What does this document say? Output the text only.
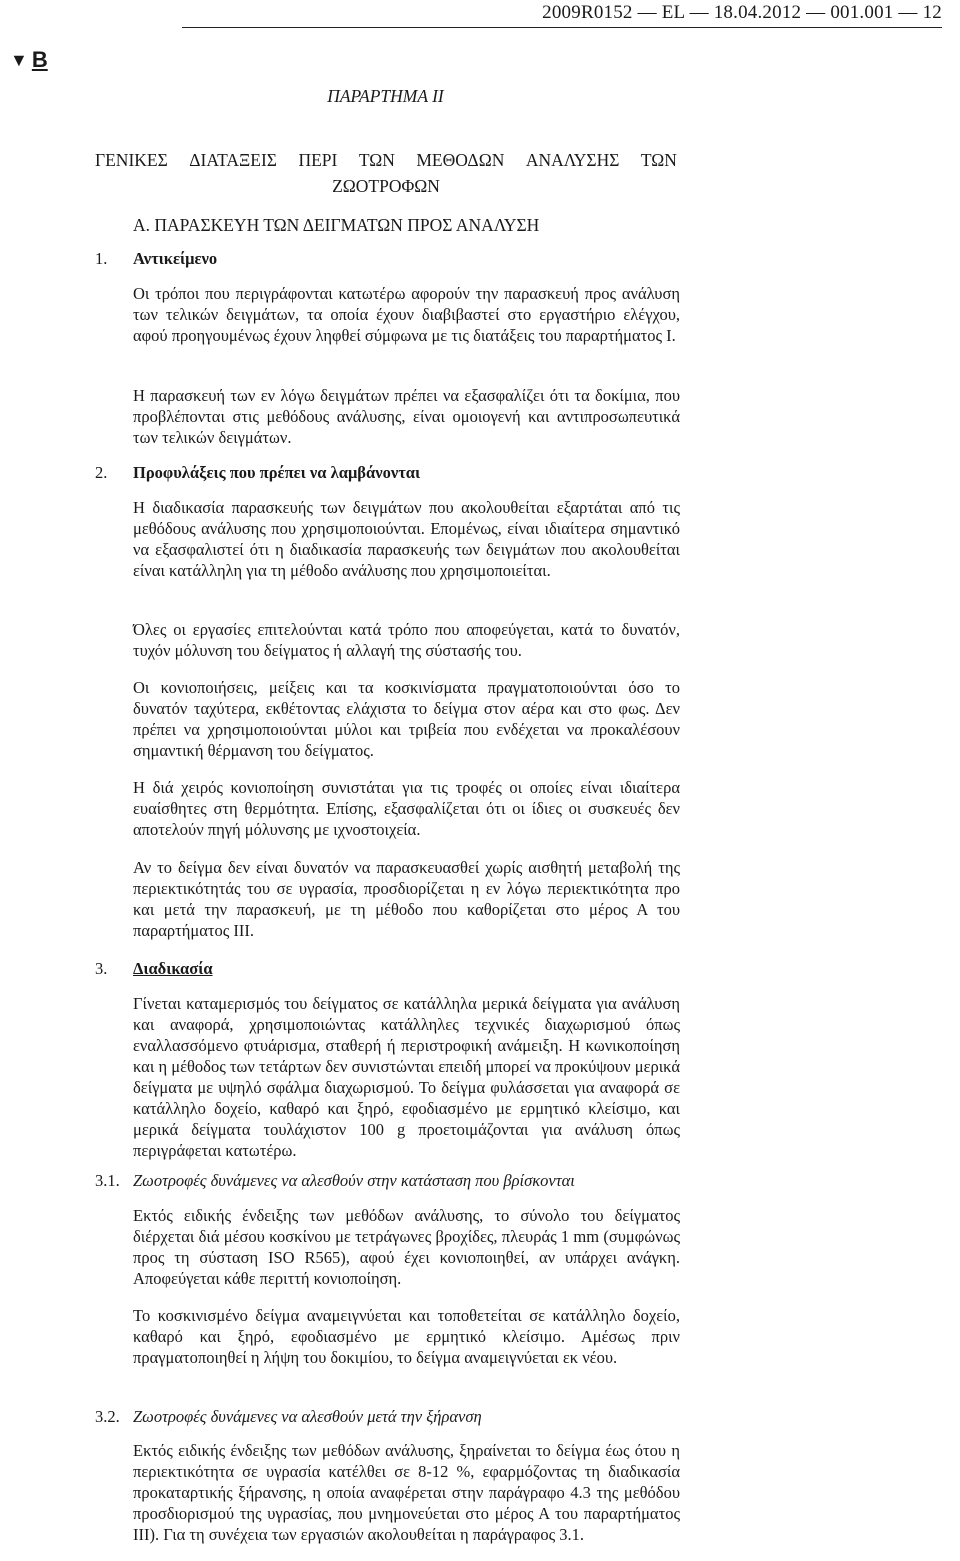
2009R0152 — EL — 18.04.2012 — 001.001 — 12
▼ B
ΠΑΡΑΡΤΗΜΑ II
ΓΕΝΙΚΕΣ ΔΙΑΤΑΞΕΙΣ ΠΕΡΙ ΤΩΝ ΜΕΘΟΔΩΝ ΑΝΑΛΥΣΗΣ ΤΩΝ
ΖΩΟΤΡΟΦΩΝ
Α. ΠΑΡΑΣΚΕΥΗ ΤΩΝ ΔΕΙΓΜΑΤΩΝ ΠΡΟΣ ΑΝΑΛΥΣΗ
1. Αντικείμενο
Οι τρόποι που περιγράφονται κατωτέρω αφορούν την παρασκευή προς ανάλυση των τελικών δειγμάτων, τα οποία έχουν διαβιβαστεί στο εργαστήριο ελέγχου, αφού προηγουμένως έχουν ληφθεί σύμφωνα με τις διατάξεις του παραρτήματος I.
Η παρασκευή των εν λόγω δειγμάτων πρέπει να εξασφαλίζει ότι τα δοκίμια, που προβλέπονται στις μεθόδους ανάλυσης, είναι ομοιογενή και αντιπροσωπευτικά των τελικών δειγμάτων.
2. Προφυλάξεις που πρέπει να λαμβάνονται
Η διαδικασία παρασκευής των δειγμάτων που ακολουθείται εξαρτάται από τις μεθόδους ανάλυσης που χρησιμοποιούνται. Επομένως, είναι ιδιαίτερα σημαντικό να εξασφαλιστεί ότι η διαδικασία παρασκευής των δειγμάτων που ακολουθείται είναι κατάλληλη για τη μέθοδο ανάλυσης που χρησιμοποιείται.
Όλες οι εργασίες επιτελούνται κατά τρόπο που αποφεύγεται, κατά το δυνατόν, τυχόν μόλυνση του δείγματος ή αλλαγή της σύστασής του.
Οι κονιοποιήσεις, μείξεις και τα κοσκινίσματα πραγματοποιούνται όσο το δυνατόν ταχύτερα, εκθέτοντας ελάχιστα το δείγμα στον αέρα και στο φως. Δεν πρέπει να χρησιμοποιούνται μύλοι και τριβεία που ενδέχεται να προκαλέσουν σημαντική θέρμανση του δείγματος.
Η διά χειρός κονιοποίηση συνιστάται για τις τροφές οι οποίες είναι ιδιαίτερα ευαίσθητες στη θερμότητα. Επίσης, εξασφαλίζεται ότι οι ίδιες οι συσκευές δεν αποτελούν πηγή μόλυνσης με ιχνοστοιχεία.
Αν το δείγμα δεν είναι δυνατόν να παρασκευασθεί χωρίς αισθητή μεταβολή της περιεκτικότητάς του σε υγρασία, προσδιορίζεται η εν λόγω περιεκτικότητα προ και μετά την παρασκευή, με τη μέθοδο που καθορίζεται στο μέρος Α του παραρτήματος III.
3. Διαδικασία
Γίνεται καταμερισμός του δείγματος σε κατάλληλα μερικά δείγματα για ανάλυση και αναφορά, χρησιμοποιώντας κατάλληλες τεχνικές διαχωρισμού όπως εναλλασσόμενο φτυάρισμα, σταθερή ή περιστροφική ανάμειξη. Η κωνικοποίηση και η μέθοδος των τετάρτων δεν συνιστώνται επειδή μπορεί να προκύψουν μερικά δείγματα με υψηλό σφάλμα διαχωρισμού. Το δείγμα φυλάσσεται για αναφορά σε κατάλληλο δοχείο, καθαρό και ξηρό, εφοδιασμένο με ερμητικό κλείσιμο, και μερικά δείγματα τουλάχιστον 100 g προετοιμάζονται για ανάλυση όπως περιγράφεται κατωτέρω.
3.1. Ζωοτροφές δυνάμενες να αλεσθούν στην κατάσταση που βρίσκονται
Εκτός ειδικής ένδειξης των μεθόδων ανάλυσης, το σύνολο του δείγματος διέρχεται διά μέσου κοσκίνου με τετράγωνες βροχίδες, πλευράς 1 mm (συμφώνως προς τη σύσταση ISO R565), αφού έχει κονιοποιηθεί, αν υπάρχει ανάγκη. Αποφεύγεται κάθε περιττή κονιοποίηση.
Το κοσκινισμένο δείγμα αναμειγνύεται και τοποθετείται σε κατάλληλο δοχείο, καθαρό και ξηρό, εφοδιασμένο με ερμητικό κλείσιμο. Αμέσως πριν πραγματοποιηθεί η λήψη του δοκιμίου, το δείγμα αναμειγνύεται εκ νέου.
3.2. Ζωοτροφές δυνάμενες να αλεσθούν μετά την ξήρανση
Εκτός ειδικής ένδειξης των μεθόδων ανάλυσης, ξηραίνεται το δείγμα έως ότου η περιεκτικότητα σε υγρασία κατέλθει σε 8-12 %, εφαρμόζοντας τη διαδικασία προκαταρτικής ξήρανσης, η οποία αναφέρεται στην παράγραφο 4.3 της μεθόδου προσδιορισμού της υγρασίας, που μνημονεύεται στο μέρος Α του παραρτήματος III). Για τη συνέχεια των εργασιών ακολουθείται η παράγραφος 3.1.
